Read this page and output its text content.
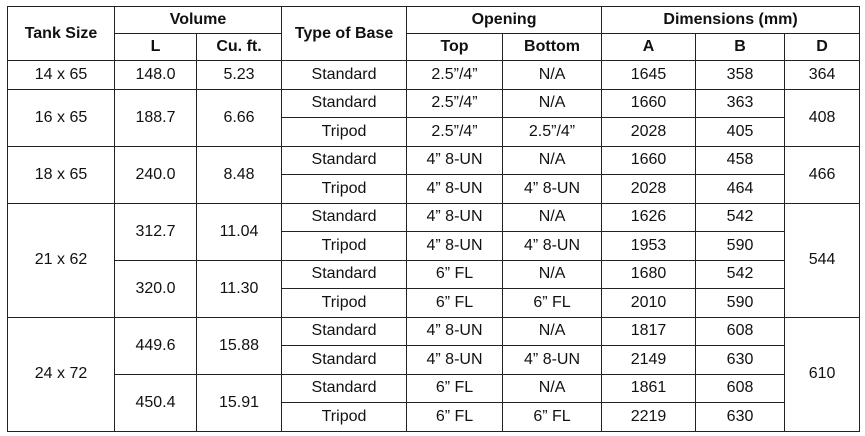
Tank Size	Volume		Type of Base	Opening		Dimensions (mm)		
	L	Cu. ft.		Top	Bottom	A	B	D
14 x 65	148.0	5.23	Standard	2.5”/4”	N/A	1645	358	364
16 x 65	188.7	6.66	Standard	2.5”/4”	N/A	1660	363	408
			Tripod	2.5”/4”	2.5”/4”	2028	405	
18 x 65	240.0	8.48	Standard	4” 8-UN	N/A	1660	458	466
			Tripod	4” 8-UN	4” 8-UN	2028	464	
21 x 62	312.7	11.04	Standard	4” 8-UN	N/A	1626	542	544
			Tripod	4” 8-UN	4” 8-UN	1953	590	
	320.0	11.30	Standard	6” FL	N/A	1680	542	
			Tripod	6” FL	6” FL	2010	590	
24 x 72	449.6	15.88	Standard	4” 8-UN	N/A	1817	608	610
			Standard	4” 8-UN	4” 8-UN	2149	630	
	450.4	15.91	Standard	6” FL	N/A	1861	608	
			Tripod	6” FL	6” FL	2219	630	
